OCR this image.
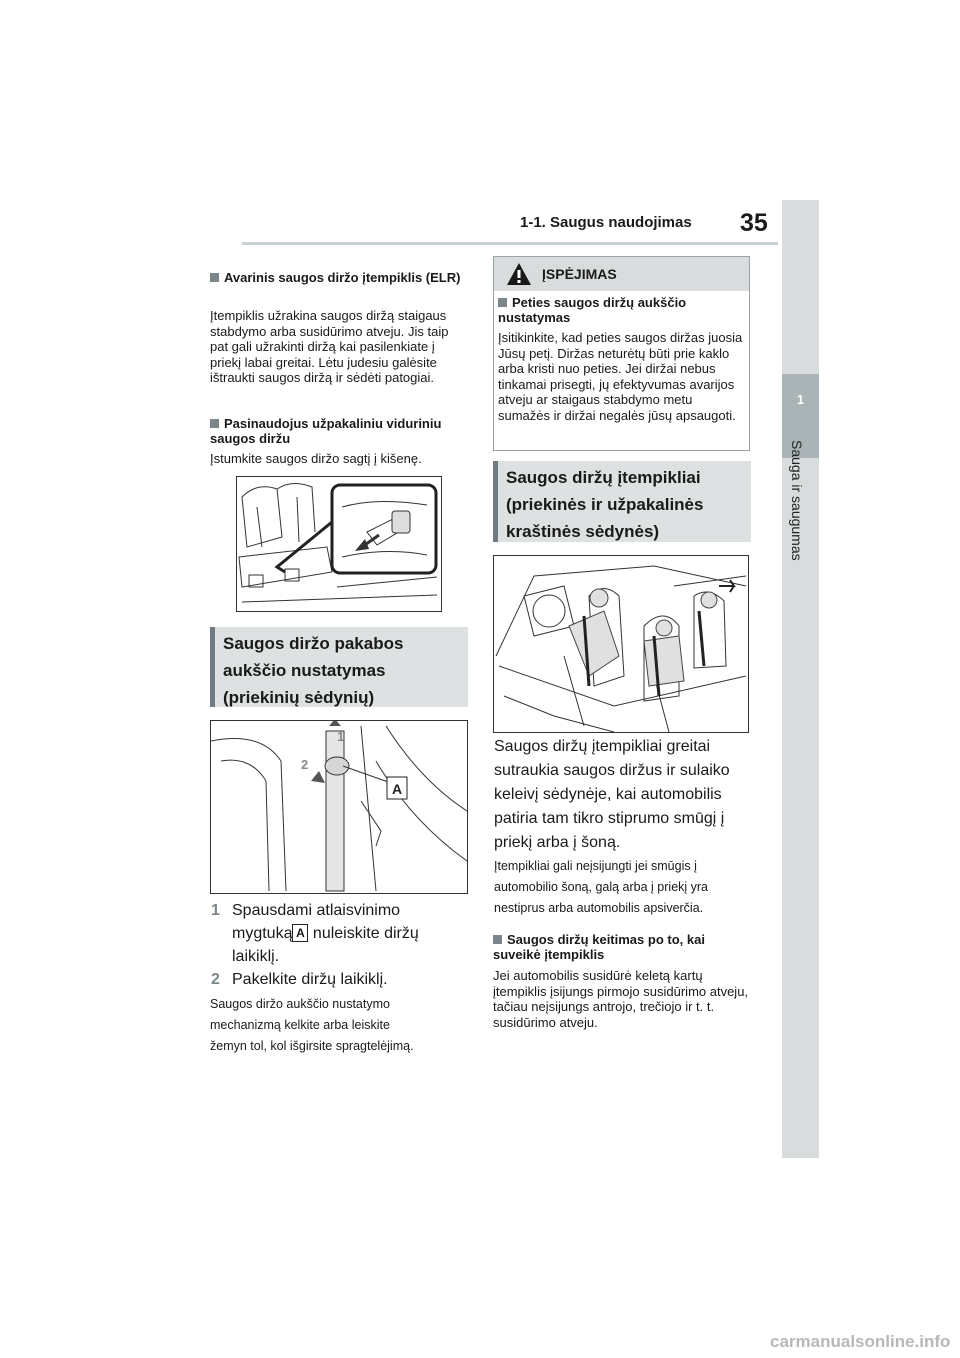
1-1. Saugus naudojimas 35
1
Sauga ir saugumas
Avarinis saugos diržo įtempiklis (ELR)
Įtempiklis užrakina saugos diržą staigaus stabdymo arba susidūrimo atveju. Jis taip pat gali užrakinti diržą kai pasilenkiate į priekį labai greitai. Lėtu judesiu galėsite ištraukti saugos diržą ir sėdėti patogiai.
Pasinaudojus užpakaliniu viduriniu saugos diržu
Įstumkite saugos diržo sagtį į kišenę.
Saugos diržo pakabos
aukščio nustatymas
(priekinių sėdynių)
1
2
A
1 Spausdami atlaisvinimo
mygtuką A nuleiskite diržų
laikiklį.
2 Pakelkite diržų laikiklį.
Saugos diržo aukščio nustatymo
mechanizmą kelkite arba leiskite
žemyn tol, kol išgirsite spragtelėjimą.
ĮSPĖJIMAS
Peties saugos diržų aukščio nustatymas
Įsitikinkite, kad peties saugos diržas juosia Jūsų petį. Diržas neturėtų būti prie kaklo arba kristi nuo peties. Jei diržai nebus tinkamai prisegti, jų efektyvumas avarijos atveju ar staigaus stabdymo metu sumažės ir diržai negalės jūsų apsaugoti.
Saugos diržų įtempikliai
(priekinės ir užpakalinės
kraštinės sėdynės)
Saugos diržų įtempikliai greitai
sutraukia saugos diržus ir sulaiko
keleivį sėdynėje, kai automobilis
patiria tam tikro stiprumo smūgį į
priekį arba į šoną.
Įtempikliai gali neįsijungti jei smūgis į
automobilio šoną, galą arba į priekį yra
nestiprus arba automobilis apsiverčia.
Saugos diržų keitimas po to, kai suveikė įtempiklis
Jei automobilis susidūrė keletą kartų įtempiklis įsijungs pirmojo susidūrimo atveju, tačiau neįsijungs antrojo, trečiojo ir t. t. susidūrimo atveju.
carmanualsonline.info
